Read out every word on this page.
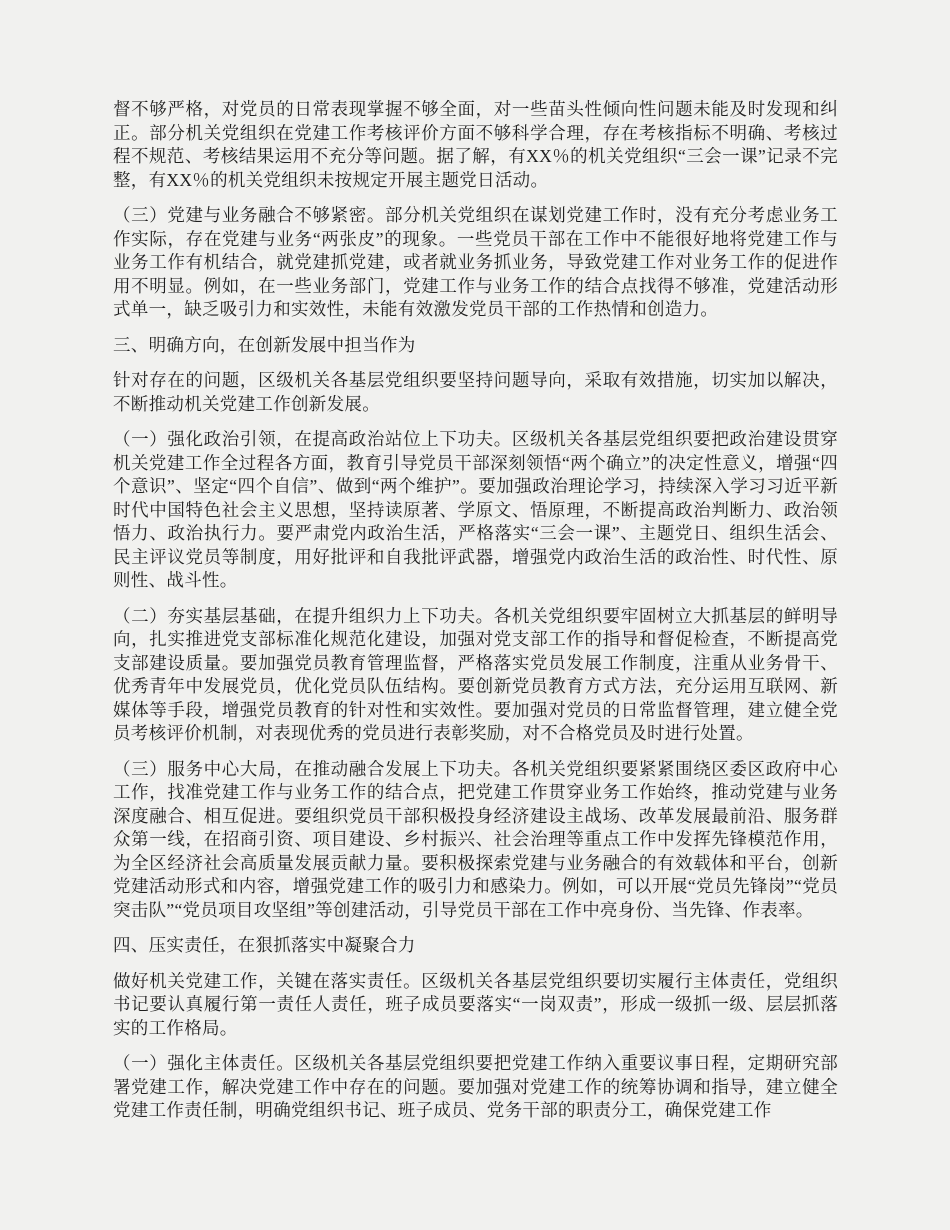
督不够严格，对党员的日常表现掌握不够全面，对一些苗头性倾向性问题未能及时发现和纠正。部分机关党组织在党建工作考核评价方面不够科学合理，存在考核指标不明确、考核过程不规范、考核结果运用不充分等问题。据了解，有XX％的机关党组织“三会一课”记录不完整，有XX％的机关党组织未按规定开展主题党日活动。

（三）党建与业务融合不够紧密。部分机关党组织在谋划党建工作时，没有充分考虑业务工作实际，存在党建与业务“两张皮”的现象。一些党员干部在工作中不能很好地将党建工作与业务工作有机结合，就党建抓党建，或者就业务抓业务，导致党建工作对业务工作的促进作用不明显。例如，在一些业务部门，党建工作与业务工作的结合点找得不够准，党建活动形式单一，缺乏吸引力和实效性，未能有效激发党员干部的工作热情和创造力。

三、明确方向，在创新发展中担当作为

针对存在的问题，区级机关各基层党组织要坚持问题导向，采取有效措施，切实加以解决，不断推动机关党建工作创新发展。

（一）强化政治引领，在提高政治站位上下功夫。区级机关各基层党组织要把政治建设贯穿机关党建工作全过程各方面，教育引导党员干部深刻领悟“两个确立”的决定性意义，增强“四个意识”、坚定“四个自信”、做到“两个维护”。要加强政治理论学习，持续深入学习习近平新时代中国特色社会主义思想，坚持读原著、学原文、悟原理，不断提高政治判断力、政治领悟力、政治执行力。要严肃党内政治生活，严格落实“三会一课”、主题党日、组织生活会、民主评议党员等制度，用好批评和自我批评武器，增强党内政治生活的政治性、时代性、原则性、战斗性。

（二）夯实基层基础，在提升组织力上下功夫。各机关党组织要牢固树立大抓基层的鲜明导向，扎实推进党支部标准化规范化建设，加强对党支部工作的指导和督促检查，不断提高党支部建设质量。要加强党员教育管理监督，严格落实党员发展工作制度，注重从业务骨干、优秀青年中发展党员，优化党员队伍结构。要创新党员教育方式方法，充分运用互联网、新媒体等手段，增强党员教育的针对性和实效性。要加强对党员的日常监督管理，建立健全党员考核评价机制，对表现优秀的党员进行表彰奖励，对不合格党员及时进行处置。

（三）服务中心大局，在推动融合发展上下功夫。各机关党组织要紧紧围绕区委区政府中心工作，找准党建工作与业务工作的结合点，把党建工作贯穿业务工作始终，推动党建与业务深度融合、相互促进。要组织党员干部积极投身经济建设主战场、改革发展最前沿、服务群众第一线，在招商引资、项目建设、乡村振兴、社会治理等重点工作中发挥先锋模范作用，为全区经济社会高质量发展贡献力量。要积极探索党建与业务融合的有效载体和平台，创新党建活动形式和内容，增强党建工作的吸引力和感染力。例如，可以开展“党员先锋岗”“党员突击队”“党员项目攻坚组”等创建活动，引导党员干部在工作中亮身份、当先锋、作表率。

四、压实责任，在狠抓落实中凝聚合力

做好机关党建工作，关键在落实责任。区级机关各基层党组织要切实履行主体责任，党组织书记要认真履行第一责任人责任，班子成员要落实“一岗双责”，形成一级抓一级、层层抓落实的工作格局。

（一）强化主体责任。区级机关各基层党组织要把党建工作纳入重要议事日程，定期研究部署党建工作，解决党建工作中存在的问题。要加强对党建工作的统筹协调和指导，建立健全党建工作责任制，明确党组织书记、班子成员、党务干部的职责分工，确保党建工作
